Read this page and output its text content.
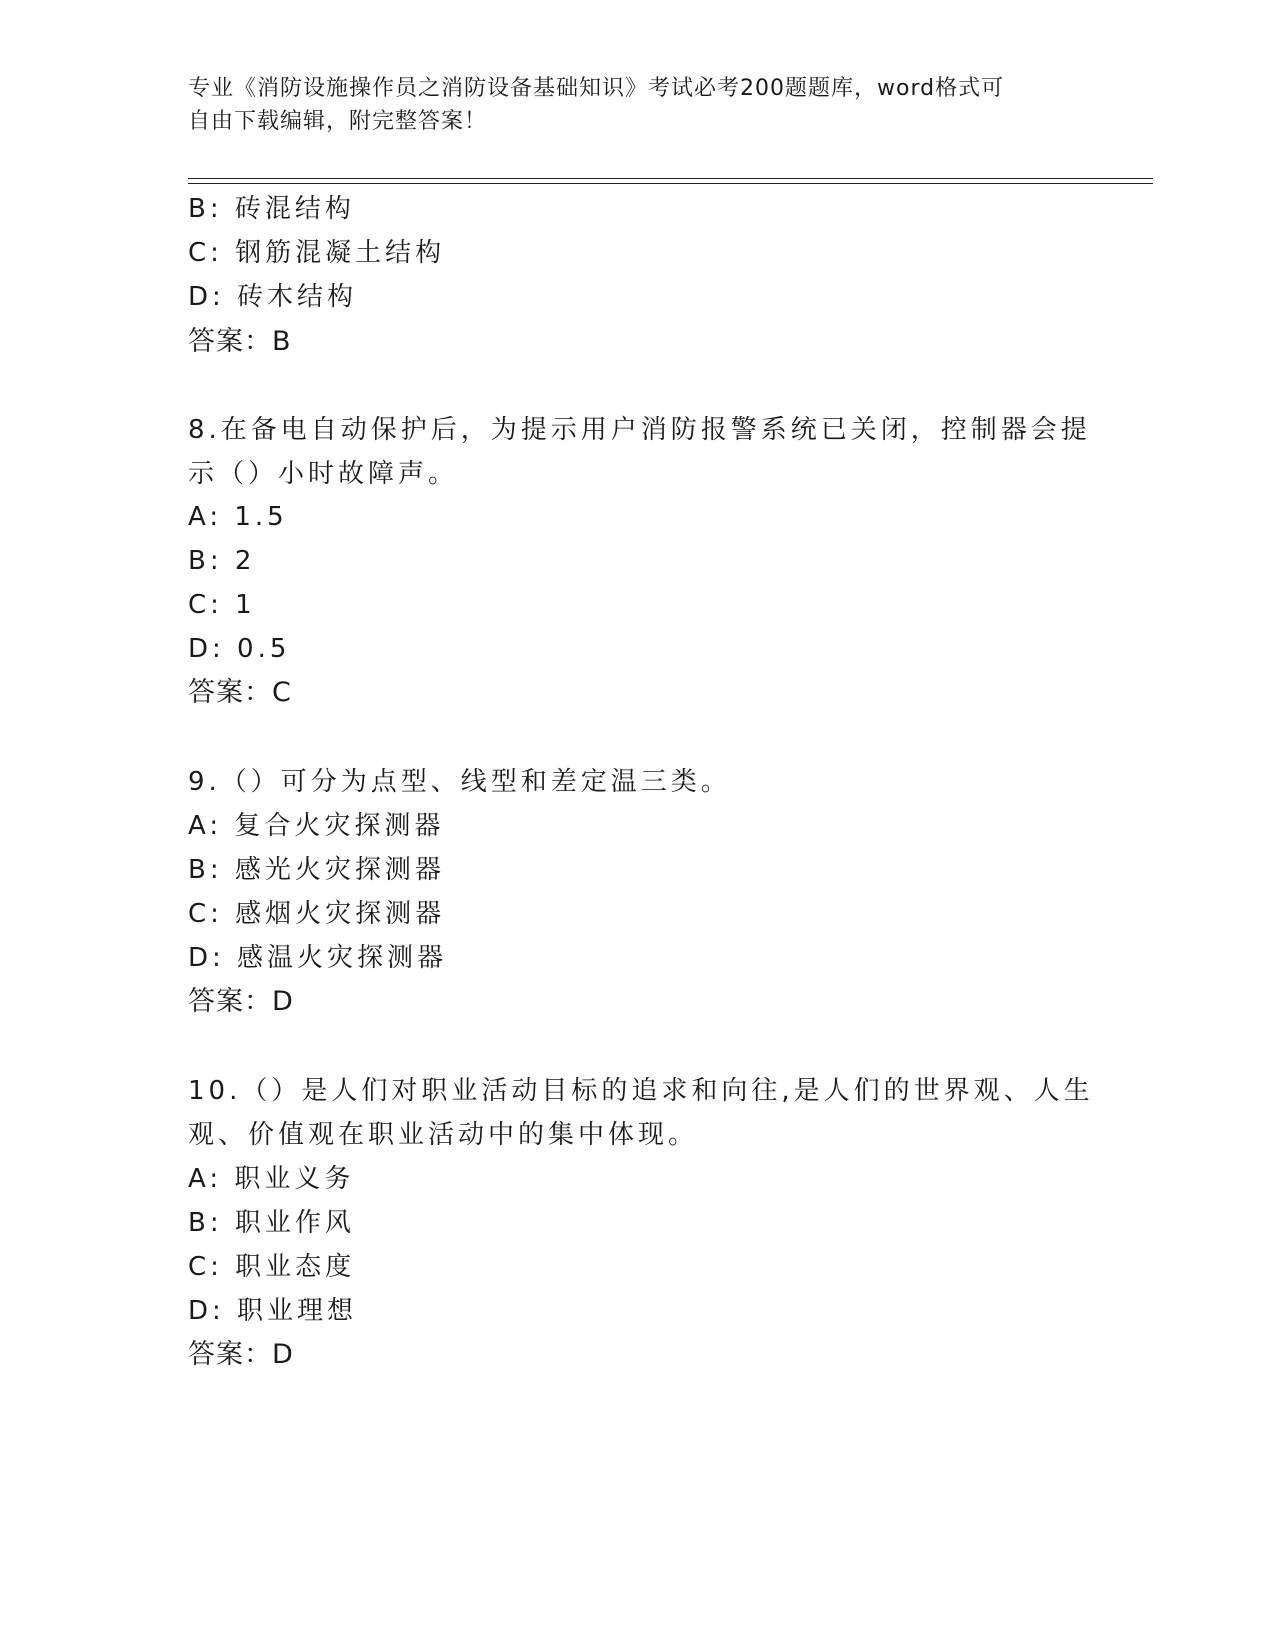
专业《消防设施操作员之消防设备基础知识》考试必考200题题库，word格式可
自由下载编辑，附完整答案！
B: 砖混结构
C: 钢筋混凝土结构
D: 砖木结构
答案：B
8.在备电自动保护后，为提示用户消防报警系统已关闭，控制器会提
示（）小时故障声。
A: 1.5
B: 2
C: 1
D: 0.5
答案：C
9.（）可分为点型、线型和差定温三类。
A: 复合火灾探测器
B: 感光火灾探测器
C: 感烟火灾探测器
D: 感温火灾探测器
答案：D
10.（）是人们对职业活动目标的追求和向往,是人们的世界观、人生
观、价值观在职业活动中的集中体现。
A: 职业义务
B: 职业作风
C: 职业态度
D: 职业理想
答案：D
